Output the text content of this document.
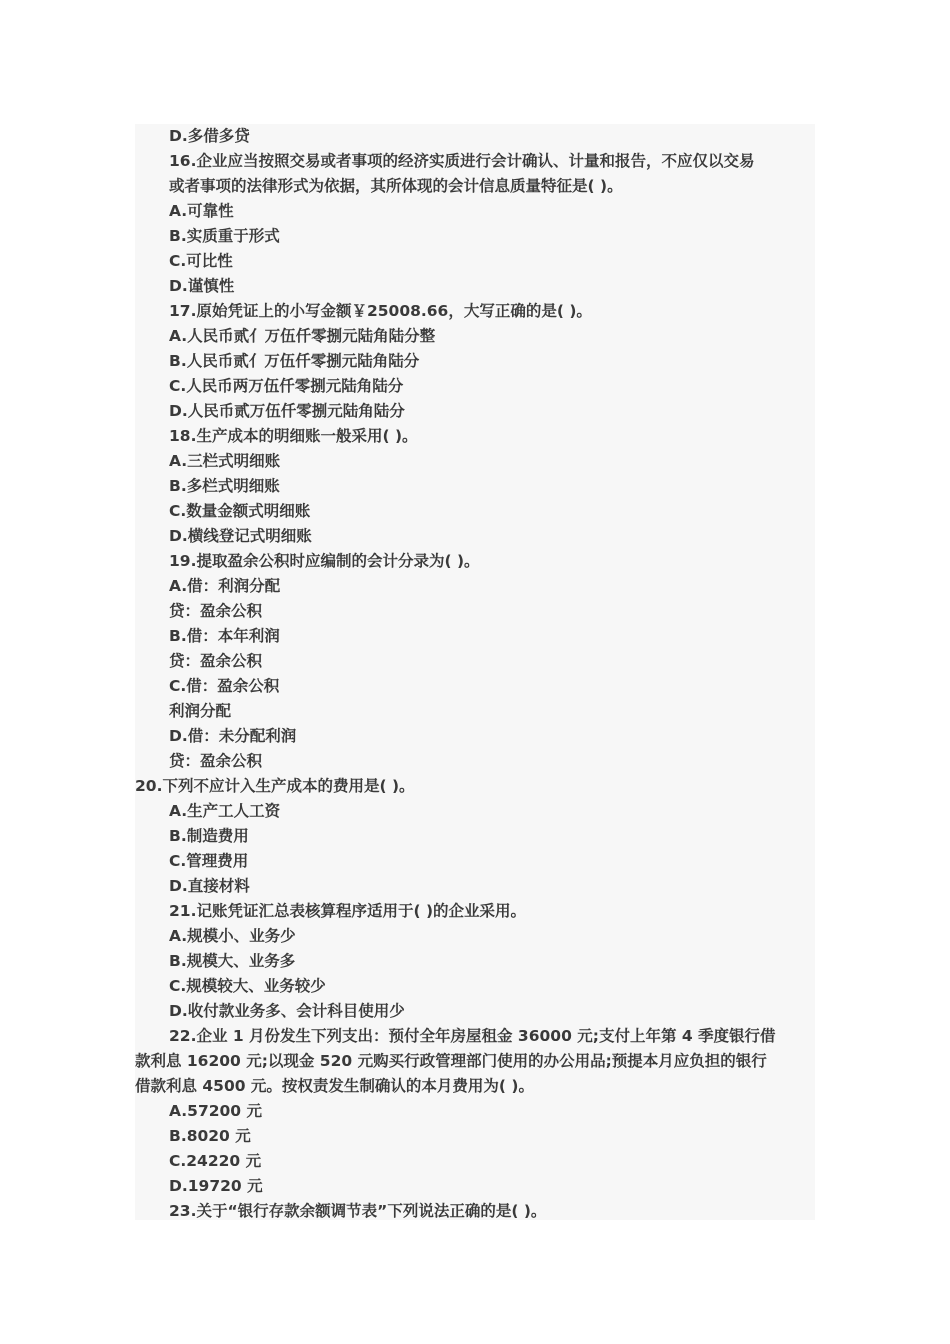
D.多借多贷
16.企业应当按照交易或者事项的经济实质进行会计确认、计量和报告，不应仅以交易
或者事项的法律形式为依据，其所体现的会计信息质量特征是( )。
A.可靠性
B.实质重于形式
C.可比性
D.谨慎性
17.原始凭证上的小写金额￥25008.66，大写正确的是( )。
A.人民币贰亻万伍仟零捌元陆角陆分整
B.人民币贰亻万伍仟零捌元陆角陆分
C.人民币两万伍仟零捌元陆角陆分
D.人民币贰万伍仟零捌元陆角陆分
18.生产成本的明细账一般采用( )。
A.三栏式明细账
B.多栏式明细账
C.数量金额式明细账
D.横线登记式明细账
19.提取盈余公积时应编制的会计分录为( )。
A.借：利润分配
贷：盈余公积
B.借：本年利润
贷：盈余公积
C.借：盈余公积
利润分配
D.借：未分配利润
贷：盈余公积
20.下列不应计入生产成本的费用是( )。
A.生产工人工资
B.制造费用
C.管理费用
D.直接材料
21.记账凭证汇总表核算程序适用于( )的企业采用。
A.规模小、业务少
B.规模大、业务多
C.规模较大、业务较少
D.收付款业务多、会计科目使用少
22.企业 1 月份发生下列支出：预付全年房屋租金 36000 元;支付上年第 4 季度银行借
款利息 16200 元;以现金 520 元购买行政管理部门使用的办公用品;预提本月应负担的银行
借款利息 4500 元。按权责发生制确认的本月费用为( )。
A.57200 元
B.8020 元
C.24220 元
D.19720 元
23.关于“银行存款余额调节表”下列说法正确的是( )。
